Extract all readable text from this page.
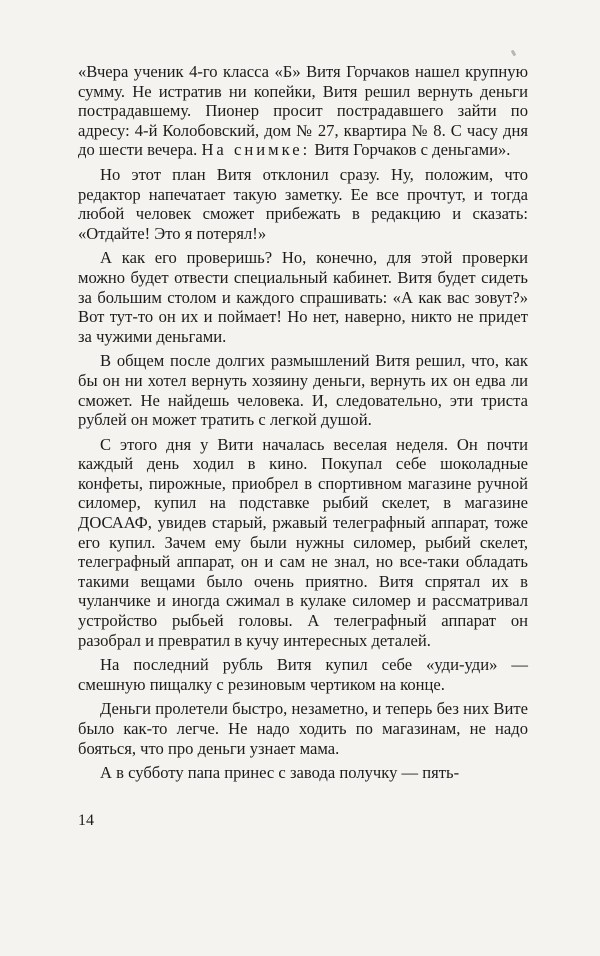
«Вчера ученик 4-го класса «Б» Витя Горчаков нашел крупную сумму. Не истратив ни копейки, Витя решил вернуть деньги пострадавшему. Пионер просит пострадавшего зайти по адресу: 4-й Колобовский, дом № 27, квартира № 8. С часу дня до шести вечера. На снимке: Витя Горчаков с деньгами».

Но этот план Витя отклонил сразу. Ну, положим, что редактор напечатает такую заметку. Ее все прочтут, и тогда любой человек сможет прибежать в редакцию и сказать: «Отдайте! Это я потерял!»

А как его проверишь? Но, конечно, для этой проверки можно будет отвести специальный кабинет. Витя будет сидеть за большим столом и каждого спрашивать: «А как вас зовут?» Вот тут-то он их и поймает! Но нет, наверно, никто не придет за чужими деньгами.

В общем после долгих размышлений Витя решил, что, как бы он ни хотел вернуть хозяину деньги, вернуть их он едва ли сможет. Не найдешь человека. И, следовательно, эти триста рублей он может тратить с легкой душой.

С этого дня у Вити началась веселая неделя. Он почти каждый день ходил в кино. Покупал себе шоколадные конфеты, пирожные, приобрел в спортивном магазине ручной силомер, купил на подставке рыбий скелет, в магазине ДОСААФ, увидев старый, ржавый телеграфный аппарат, тоже его купил. Зачем ему были нужны силомер, рыбий скелет, телеграфный аппарат, он и сам не знал, но все-таки обладать такими вещами было очень приятно. Витя спрятал их в чуланчике и иногда сжимал в кулаке силомер и рассматривал устройство рыбьей головы. А телеграфный аппарат он разобрал и превратил в кучу интересных деталей.

На последний рубль Витя купил себе «уди-уди» — смешную пищалку с резиновым чертиком на конце.

Деньги пролетели быстро, незаметно, и теперь без них Вите было как-то легче. Не надо ходить по магазинам, не надо бояться, что про деньги узнает мама.

А в субботу папа принес с завода получку — пять-

14
